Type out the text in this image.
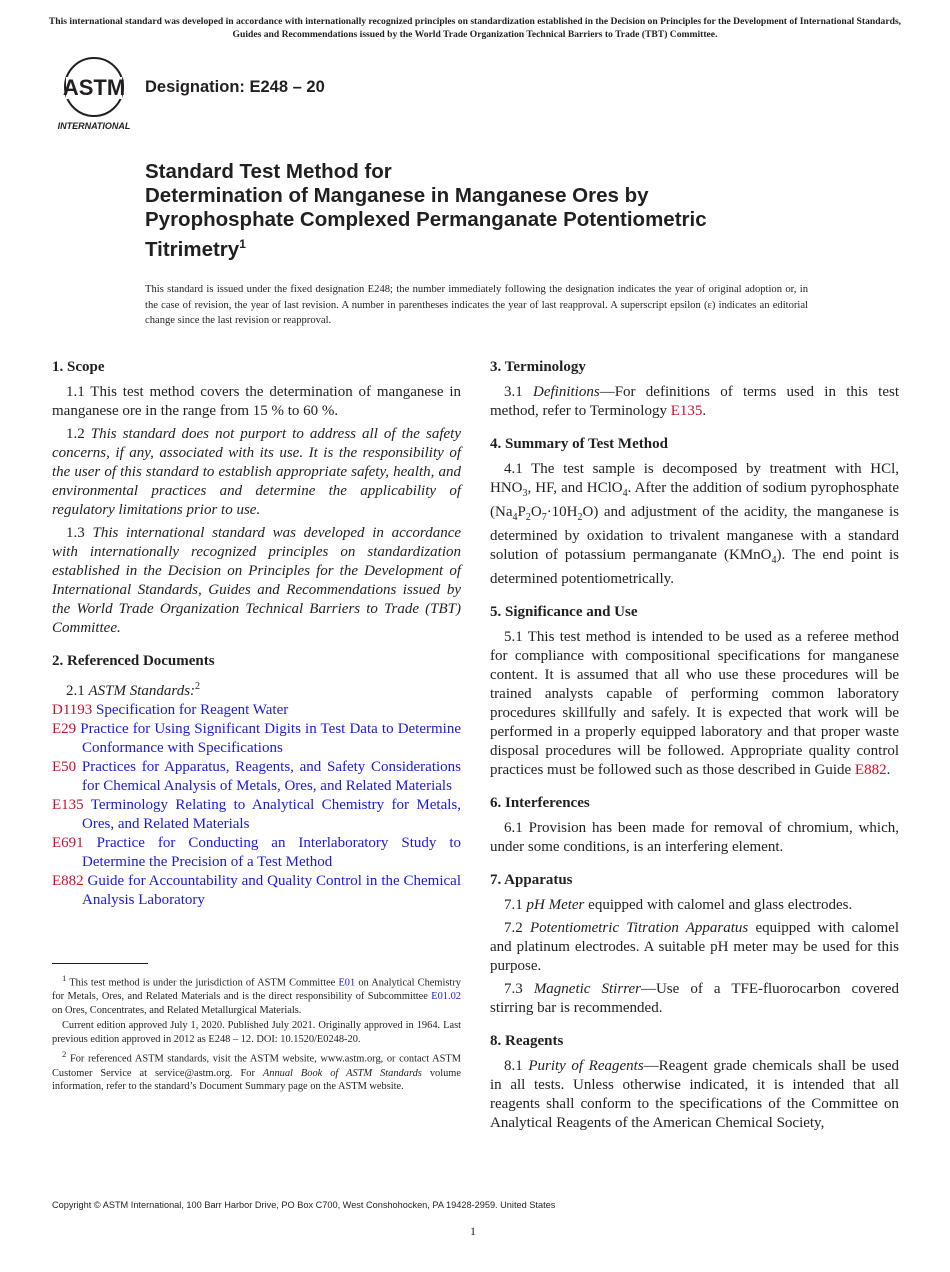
This international standard was developed in accordance with internationally recognized principles on standardization established in the Decision on Principles for the Development of International Standards, Guides and Recommendations issued by the World Trade Organization Technical Barriers to Trade (TBT) Committee.
ASTM
INTERNATIONAL
Designation: E248 – 20
Standard Test Method for
Determination of Manganese in Manganese Ores by
Pyrophosphate Complexed Permanganate Potentiometric
Titrimetry$^1$
This standard is issued under the fixed designation E248; the number immediately following the designation indicates the year of original adoption or, in the case of revision, the year of last revision. A number in parentheses indicates the year of last reapproval. A superscript epsilon (ε) indicates an editorial change since the last revision or reapproval.
1. Scope

1.1 This test method covers the determination of manganese in manganese ore in the range from 15 % to 60 %.

1.2 This standard does not purport to address all of the safety concerns, if any, associated with its use. It is the responsibility of the user of this standard to establish appropriate safety, health, and environmental practices and determine the applicability of regulatory limitations prior to use.

1.3 This international standard was developed in accordance with internationally recognized principles on standardization established in the Decision on Principles for the Development of International Standards, Guides and Recommendations issued by the World Trade Organization Technical Barriers to Trade (TBT) Committee.

2. Referenced Documents

2.1 ASTM Standards:$^2$

D1193 Specification for Reagent Water
E29 Practice for Using Significant Digits in Test Data to Determine Conformance with Specifications
E50 Practices for Apparatus, Reagents, and Safety Considerations for Chemical Analysis of Metals, Ores, and Related Materials
E135 Terminology Relating to Analytical Chemistry for Metals, Ores, and Related Materials
E691 Practice for Conducting an Interlaboratory Study to Determine the Precision of a Test Method
E882 Guide for Accountability and Quality Control in the Chemical Analysis Laboratory

$^1$ This test method is under the jurisdiction of ASTM Committee E01 on Analytical Chemistry for Metals, Ores, and Related Materials and is the direct responsibility of Subcommittee E01.02 on Ores, Concentrates, and Related Metallurgical Materials.

Current edition approved July 1, 2020. Published July 2021. Originally approved in 1964. Last previous edition approved in 2012 as E248 – 12. DOI: 10.1520/E0248-20.

$^2$ For referenced ASTM standards, visit the ASTM website, www.astm.org, or contact ASTM Customer Service at service@astm.org. For Annual Book of ASTM Standards volume information, refer to the standard’s Document Summary page on the ASTM website.

3. Terminology

3.1 Definitions—For definitions of terms used in this test method, refer to Terminology E135.

4. Summary of Test Method

4.1 The test sample is decomposed by treatment with HCl, $HNO_3$, HF, and HClO$_4$. After the addition of sodium pyrophosphate $(Na_4P_2O_7\cdot 10H_2O)$ and adjustment of the acidity, the manganese is determined by oxidation to trivalent manganese with a standard solution of potassium permanganate (KMnO$_4$). The end point is determined potentiometrically.

5. Significance and Use

5.1 This test method is intended to be used as a referee method for compliance with compositional specifications for manganese content. It is assumed that all who use these procedures will be trained analysts capable of performing common laboratory procedures skillfully and safely. It is expected that work will be performed in a properly equipped laboratory and that proper waste disposal procedures will be followed. Appropriate quality control practices must be followed such as those described in Guide E882.

6. Interferences

6.1 Provision has been made for removal of chromium, which, under some conditions, is an interfering element.

7. Apparatus

7.1 pH Meter equipped with calomel and glass electrodes.

7.2 Potentiometric Titration Apparatus equipped with calomel and platinum electrodes. A suitable pH meter may be used for this purpose.

7.3 Magnetic Stirrer—Use of a TFE-fluorocarbon covered stirring bar is recommended.

8. Reagents

8.1 Purity of Reagents—Reagent grade chemicals shall be used in all tests. Unless otherwise indicated, it is intended that all reagents shall conform to the specifications of the Committee on Analytical Reagents of the American Chemical Society,

Copyright © ASTM International, 100 Barr Harbor Drive, PO Box C700, West Conshohocken, PA 19428-2959. United States
1
